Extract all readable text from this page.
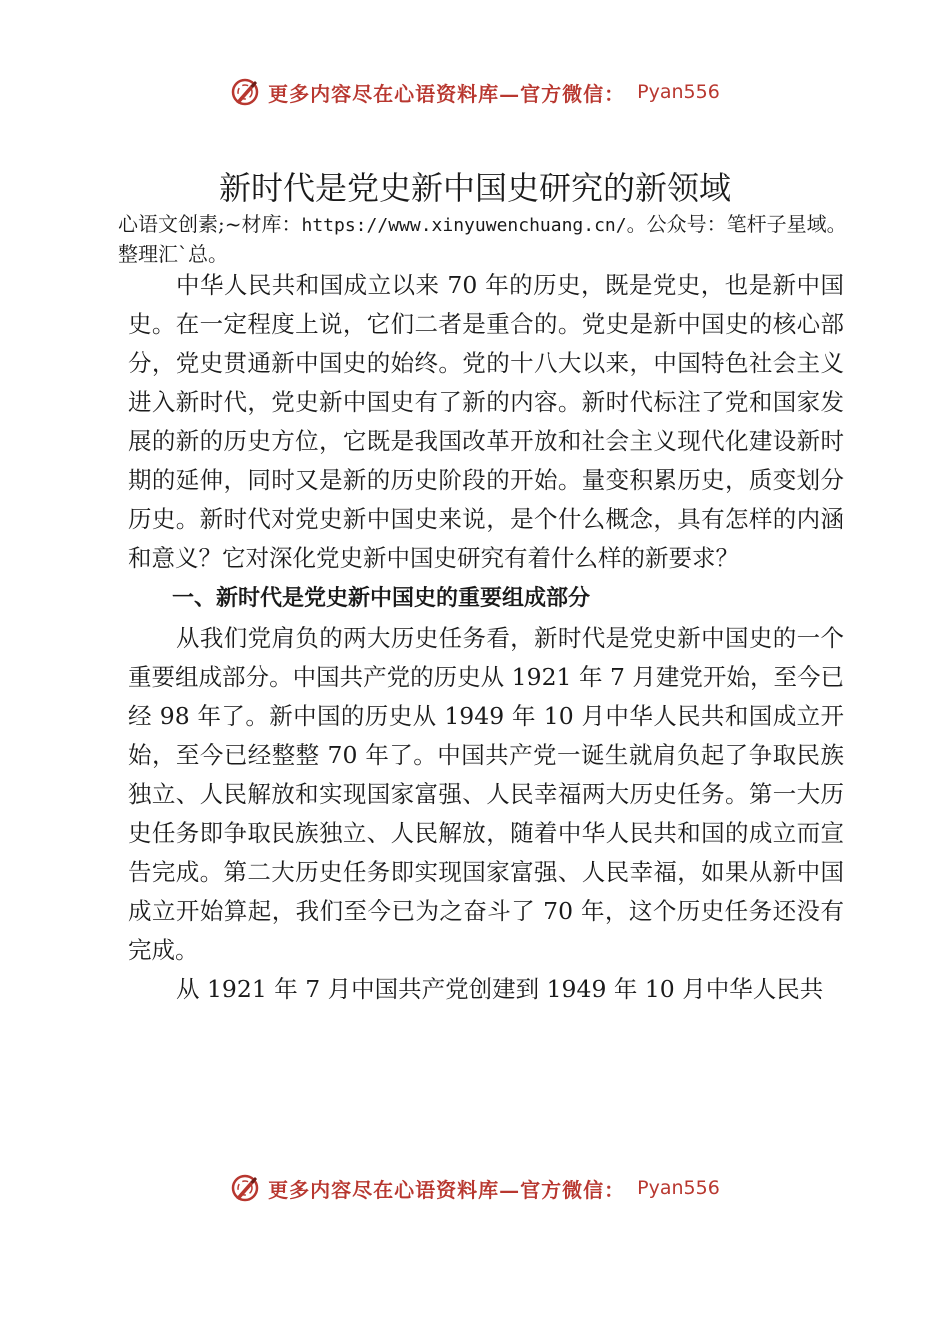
更多内容尽在心语资料库—官方微信： Pyan556
新时代是党史新中国史研究的新领域
心语文创素;~材库：https://www.xinyuwenchuang.cn/。公众号：笔杆子星域。整理汇`总。

中华人民共和国成立以来 70 年的历史，既是党史，也是新中国史。在一定程度上说，它们二者是重合的。党史是新中国史的核心部分，党史贯通新中国史的始终。党的十八大以来，中国特色社会主义进入新时代，党史新中国史有了新的内容。新时代标注了党和国家发展的新的历史方位，它既是我国改革开放和社会主义现代化建设新时期的延伸，同时又是新的历史阶段的开始。量变积累历史，质变划分历史。新时代对党史新中国史来说，是个什么概念，具有怎样的内涵和意义？它对深化党史新中国史研究有着什么样的新要求？

一、新时代是党史新中国史的重要组成部分

从我们党肩负的两大历史任务看，新时代是党史新中国史的一个重要组成部分。中国共产党的历史从 1921 年 7 月建党开始，至今已经 98 年了。新中国的历史从 1949 年 10 月中华人民共和国成立开始，至今已经整整 70 年了。中国共产党一诞生就肩负起了争取民族独立、人民解放和实现国家富强、人民幸福两大历史任务。第一大历史任务即争取民族独立、人民解放，随着中华人民共和国的成立而宣告完成。第二大历史任务即实现国家富强、人民幸福，如果从新中国成立开始算起，我们至今已为之奋斗了 70 年，这个历史任务还没有完成。

从 1921 年 7 月中国共产党创建到 1949 年 10 月中华人民共

更多内容尽在心语资料库—官方微信： Pyan556
